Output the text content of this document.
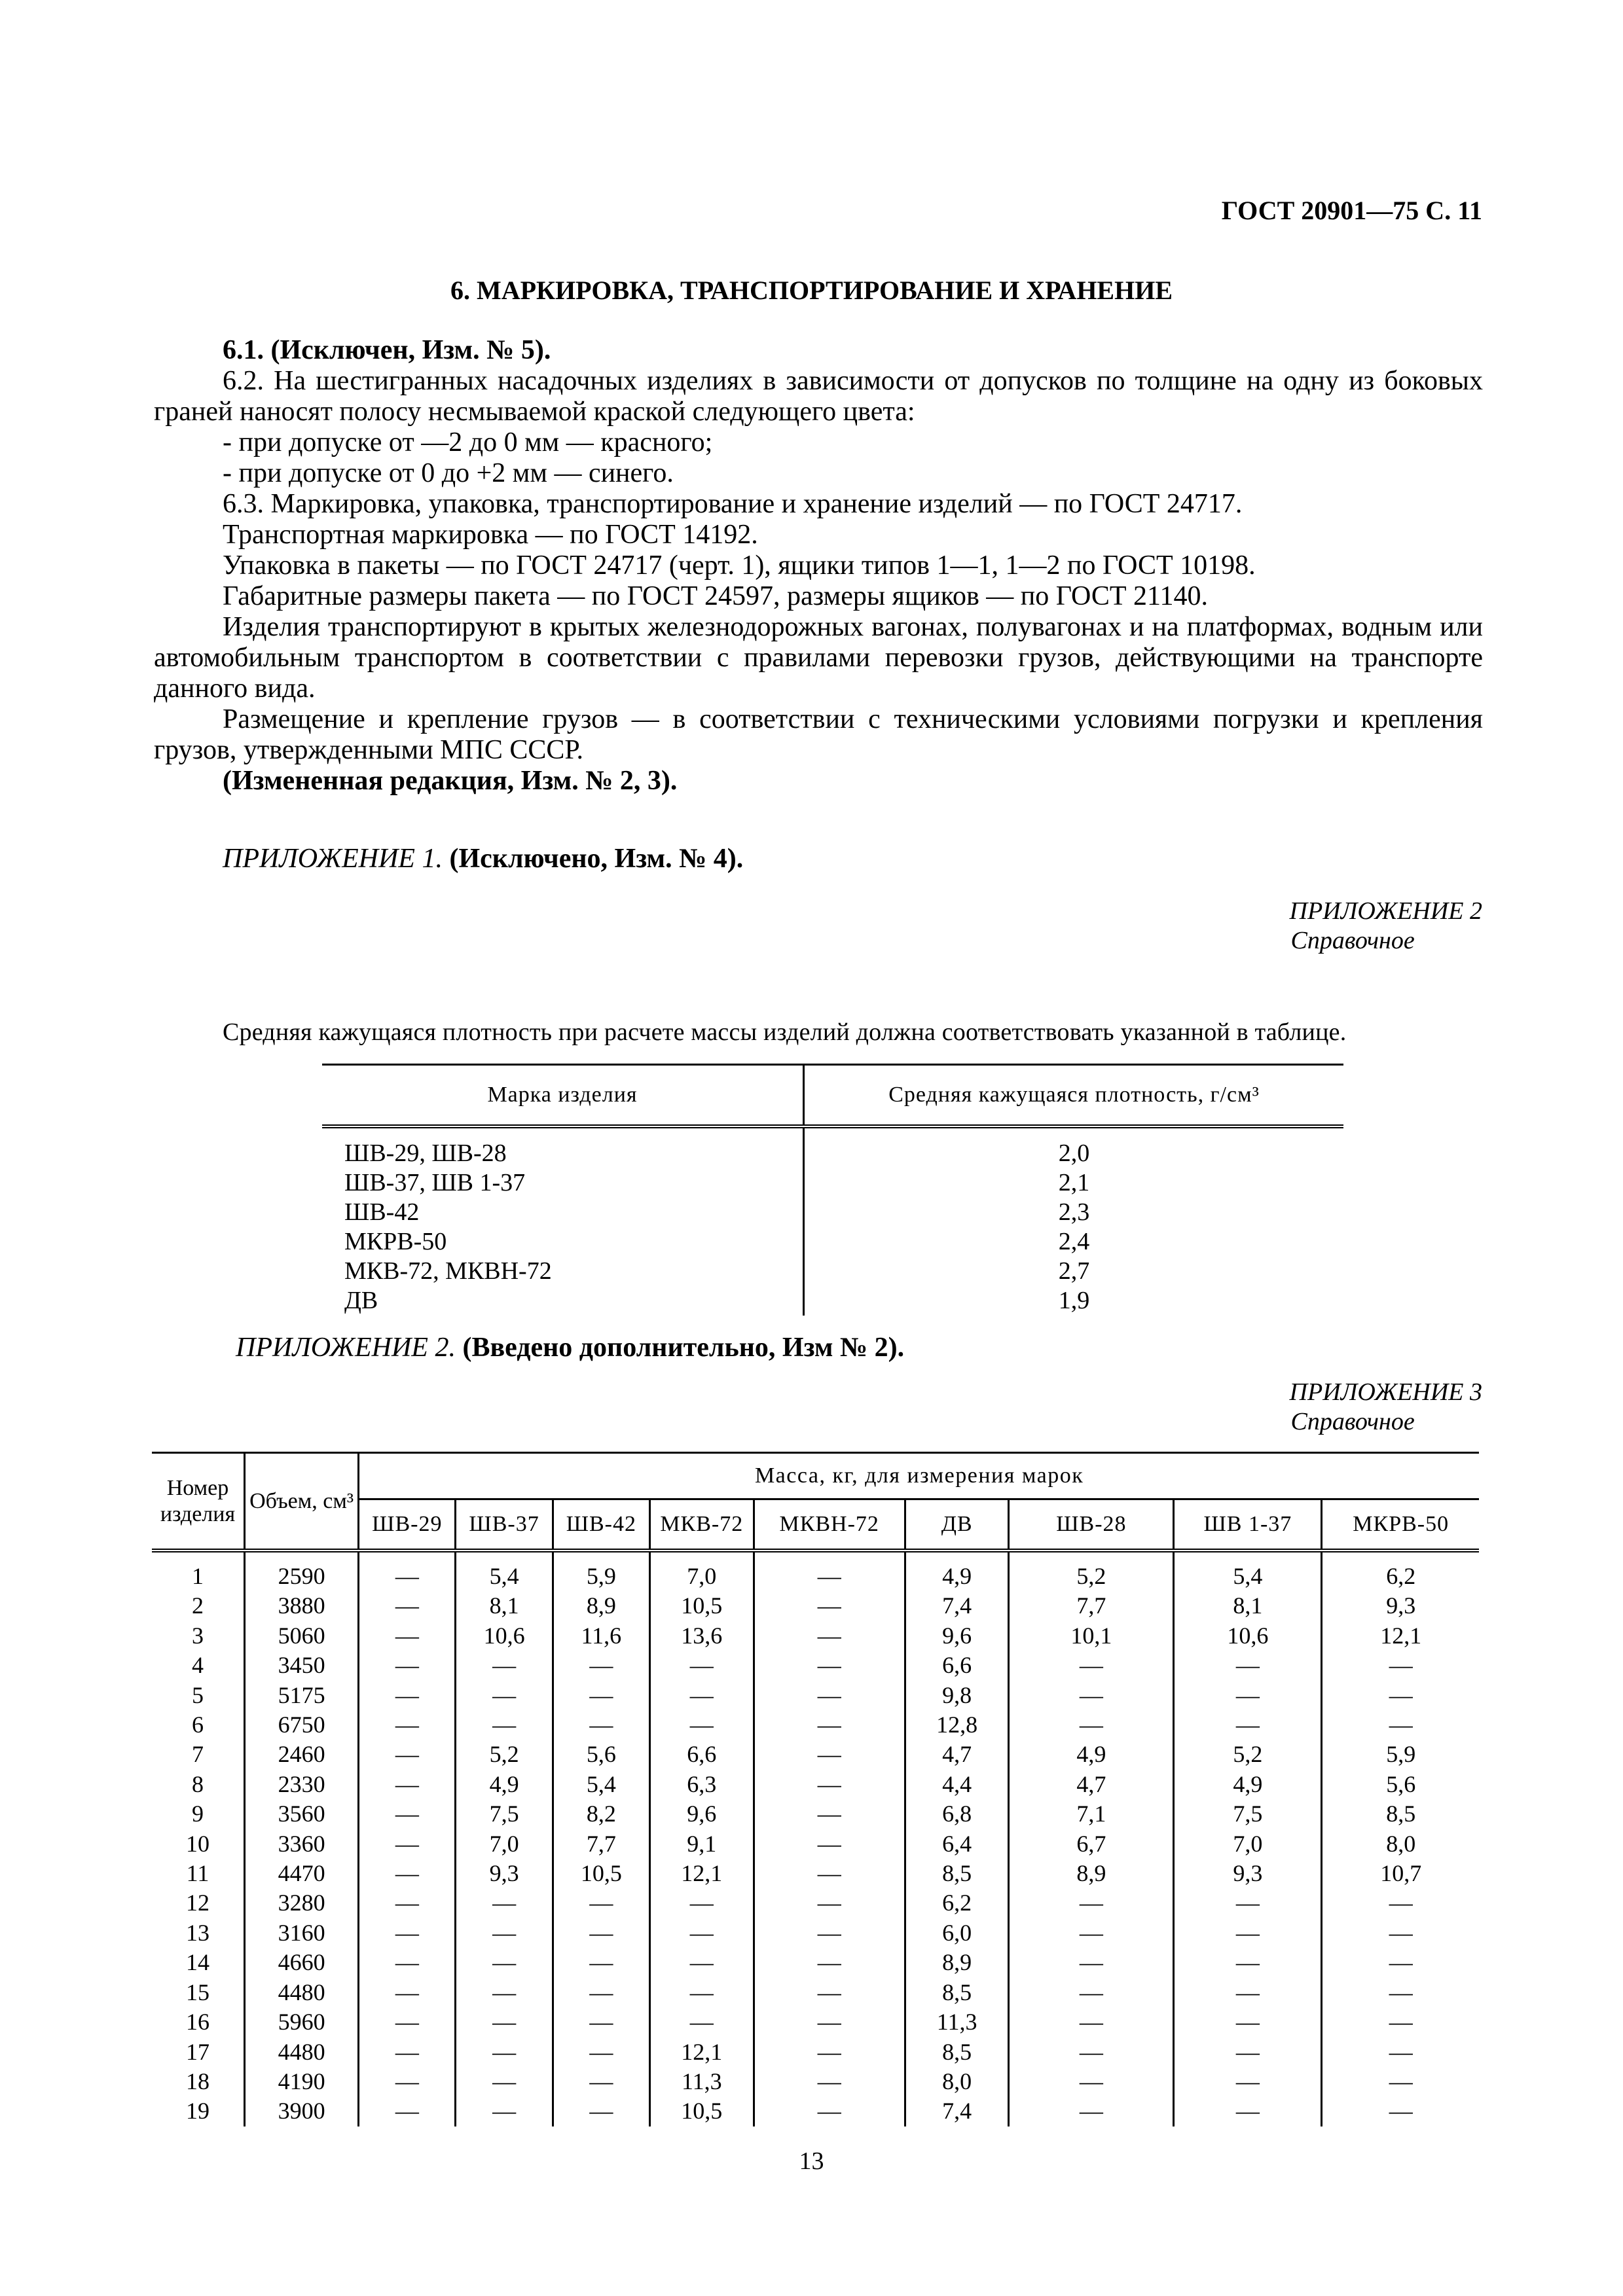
ГОСТ 20901—75 С. 11
6. МАРКИРОВКА, ТРАНСПОРТИРОВАНИЕ И ХРАНЕНИЕ

6.1. (Исключен, Изм. № 5).

6.2. На шестигранных насадочных изделиях в зависимости от допусков по толщине на одну из боковых граней наносят полосу несмываемой краской следующего цвета:

- при допуске от —2 до 0 мм — красного;

- при допуске от 0 до +2 мм — синего.

6.3. Маркировка, упаковка, транспортирование и хранение изделий — по ГОСТ 24717.

Транспортная маркировка — по ГОСТ 14192.

Упаковка в пакеты — по ГОСТ 24717 (черт. 1), ящики типов 1—1, 1—2 по ГОСТ 10198.

Габаритные размеры пакета — по ГОСТ 24597, размеры ящиков — по ГОСТ 21140.

Изделия транспортируют в крытых железнодорожных вагонах, полувагонах и на платформах, водным или автомобильным транспортом в соответствии с правилами перевозки грузов, действующими на транспорте данного вида.

Размещение и крепление грузов — в соответствии с техническими условиями погрузки и крепления грузов, утвержденными МПС СССР.

(Измененная редакция, Изм. № 2, 3).

ПРИЛОЖЕНИЕ 1. (Исключено, Изм. № 4).
ПРИЛОЖЕНИЕ 2
Справочное
Средняя кажущаяся плотность при расчете массы изделий должна соответствовать указанной в таблице.
Марка изделия	Средняя кажущаяся плотность, г/см³
ШВ-29, ШВ-28	2,0
ШВ-37, ШВ 1-37	2,1
ШВ-42	2,3
МКРВ-50	2,4
МКВ-72, МКВН-72	2,7
ДВ	1,9
ПРИЛОЖЕНИЕ 2. (Введено дополнительно, Изм № 2).
ПРИЛОЖЕНИЕ 3
Справочное
Номер изделия	Объем, см³	Масса, кг, для измерения марок								
		ШВ-29	ШВ-37	ШВ-42	МКВ-72	МКВН-72	ДВ	ШВ-28	ШВ 1-37	МКРВ-50
1	2590	—	5,4	5,9	7,0	—	4,9	5,2	5,4	6,2
2	3880	—	8,1	8,9	10,5	—	7,4	7,7	8,1	9,3
3	5060	—	10,6	11,6	13,6	—	9,6	10,1	10,6	12,1
4	3450	—	—	—	—	—	6,6	—	—	—
5	5175	—	—	—	—	—	9,8	—	—	—
6	6750	—	—	—	—	—	12,8	—	—	—
7	2460	—	5,2	5,6	6,6	—	4,7	4,9	5,2	5,9
8	2330	—	4,9	5,4	6,3	—	4,4	4,7	4,9	5,6
9	3560	—	7,5	8,2	9,6	—	6,8	7,1	7,5	8,5
10	3360	—	7,0	7,7	9,1	—	6,4	6,7	7,0	8,0
11	4470	—	9,3	10,5	12,1	—	8,5	8,9	9,3	10,7
12	3280	—	—	—	—	—	6,2	—	—	—
13	3160	—	—	—	—	—	6,0	—	—	—
14	4660	—	—	—	—	—	8,9	—	—	—
15	4480	—	—	—	—	—	8,5	—	—	—
16	5960	—	—	—	—	—	11,3	—	—	—
17	4480	—	—	—	12,1	—	8,5	—	—	—
18	4190	—	—	—	11,3	—	8,0	—	—	—
19	3900	—	—	—	10,5	—	7,4	—	—	—
13
